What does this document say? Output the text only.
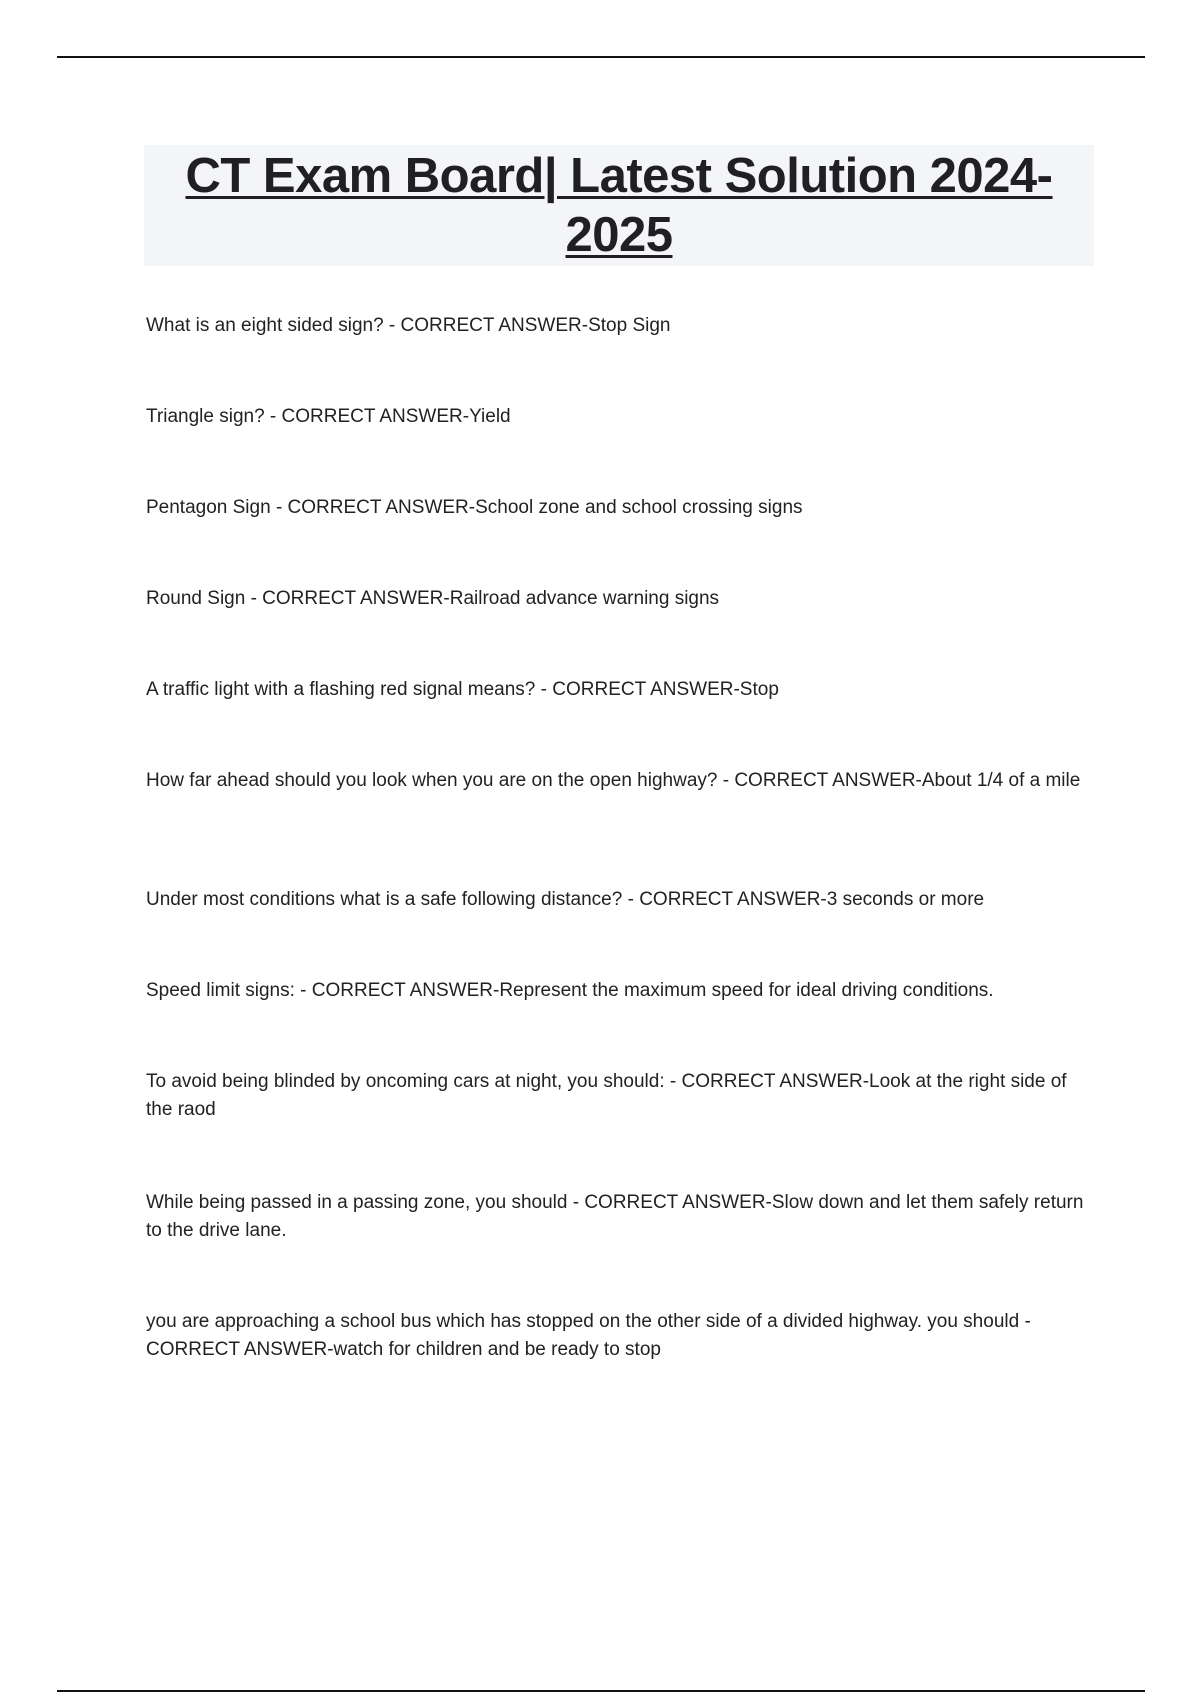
CT Exam Board| Latest Solution 2024-2025

What is an eight sided sign? - CORRECT ANSWER-Stop Sign

Triangle sign? - CORRECT ANSWER-Yield

Pentagon Sign - CORRECT ANSWER-School zone and school crossing signs

Round Sign - CORRECT ANSWER-Railroad advance warning signs

A traffic light with a flashing red signal means? - CORRECT ANSWER-Stop

How far ahead should you look when you are on the open highway? - CORRECT ANSWER-About 1/4 of a mile

Under most conditions what is a safe following distance? - CORRECT ANSWER-3 seconds or more

Speed limit signs: - CORRECT ANSWER-Represent the maximum speed for ideal driving conditions.

To avoid being blinded by oncoming cars at night, you should: - CORRECT ANSWER-Look at the right side of the raod

While being passed in a passing zone, you should - CORRECT ANSWER-Slow down and let them safely return to the drive lane.

you are approaching a school bus which has stopped on the other side of a divided highway. you should - CORRECT ANSWER-watch for children and be ready to stop
